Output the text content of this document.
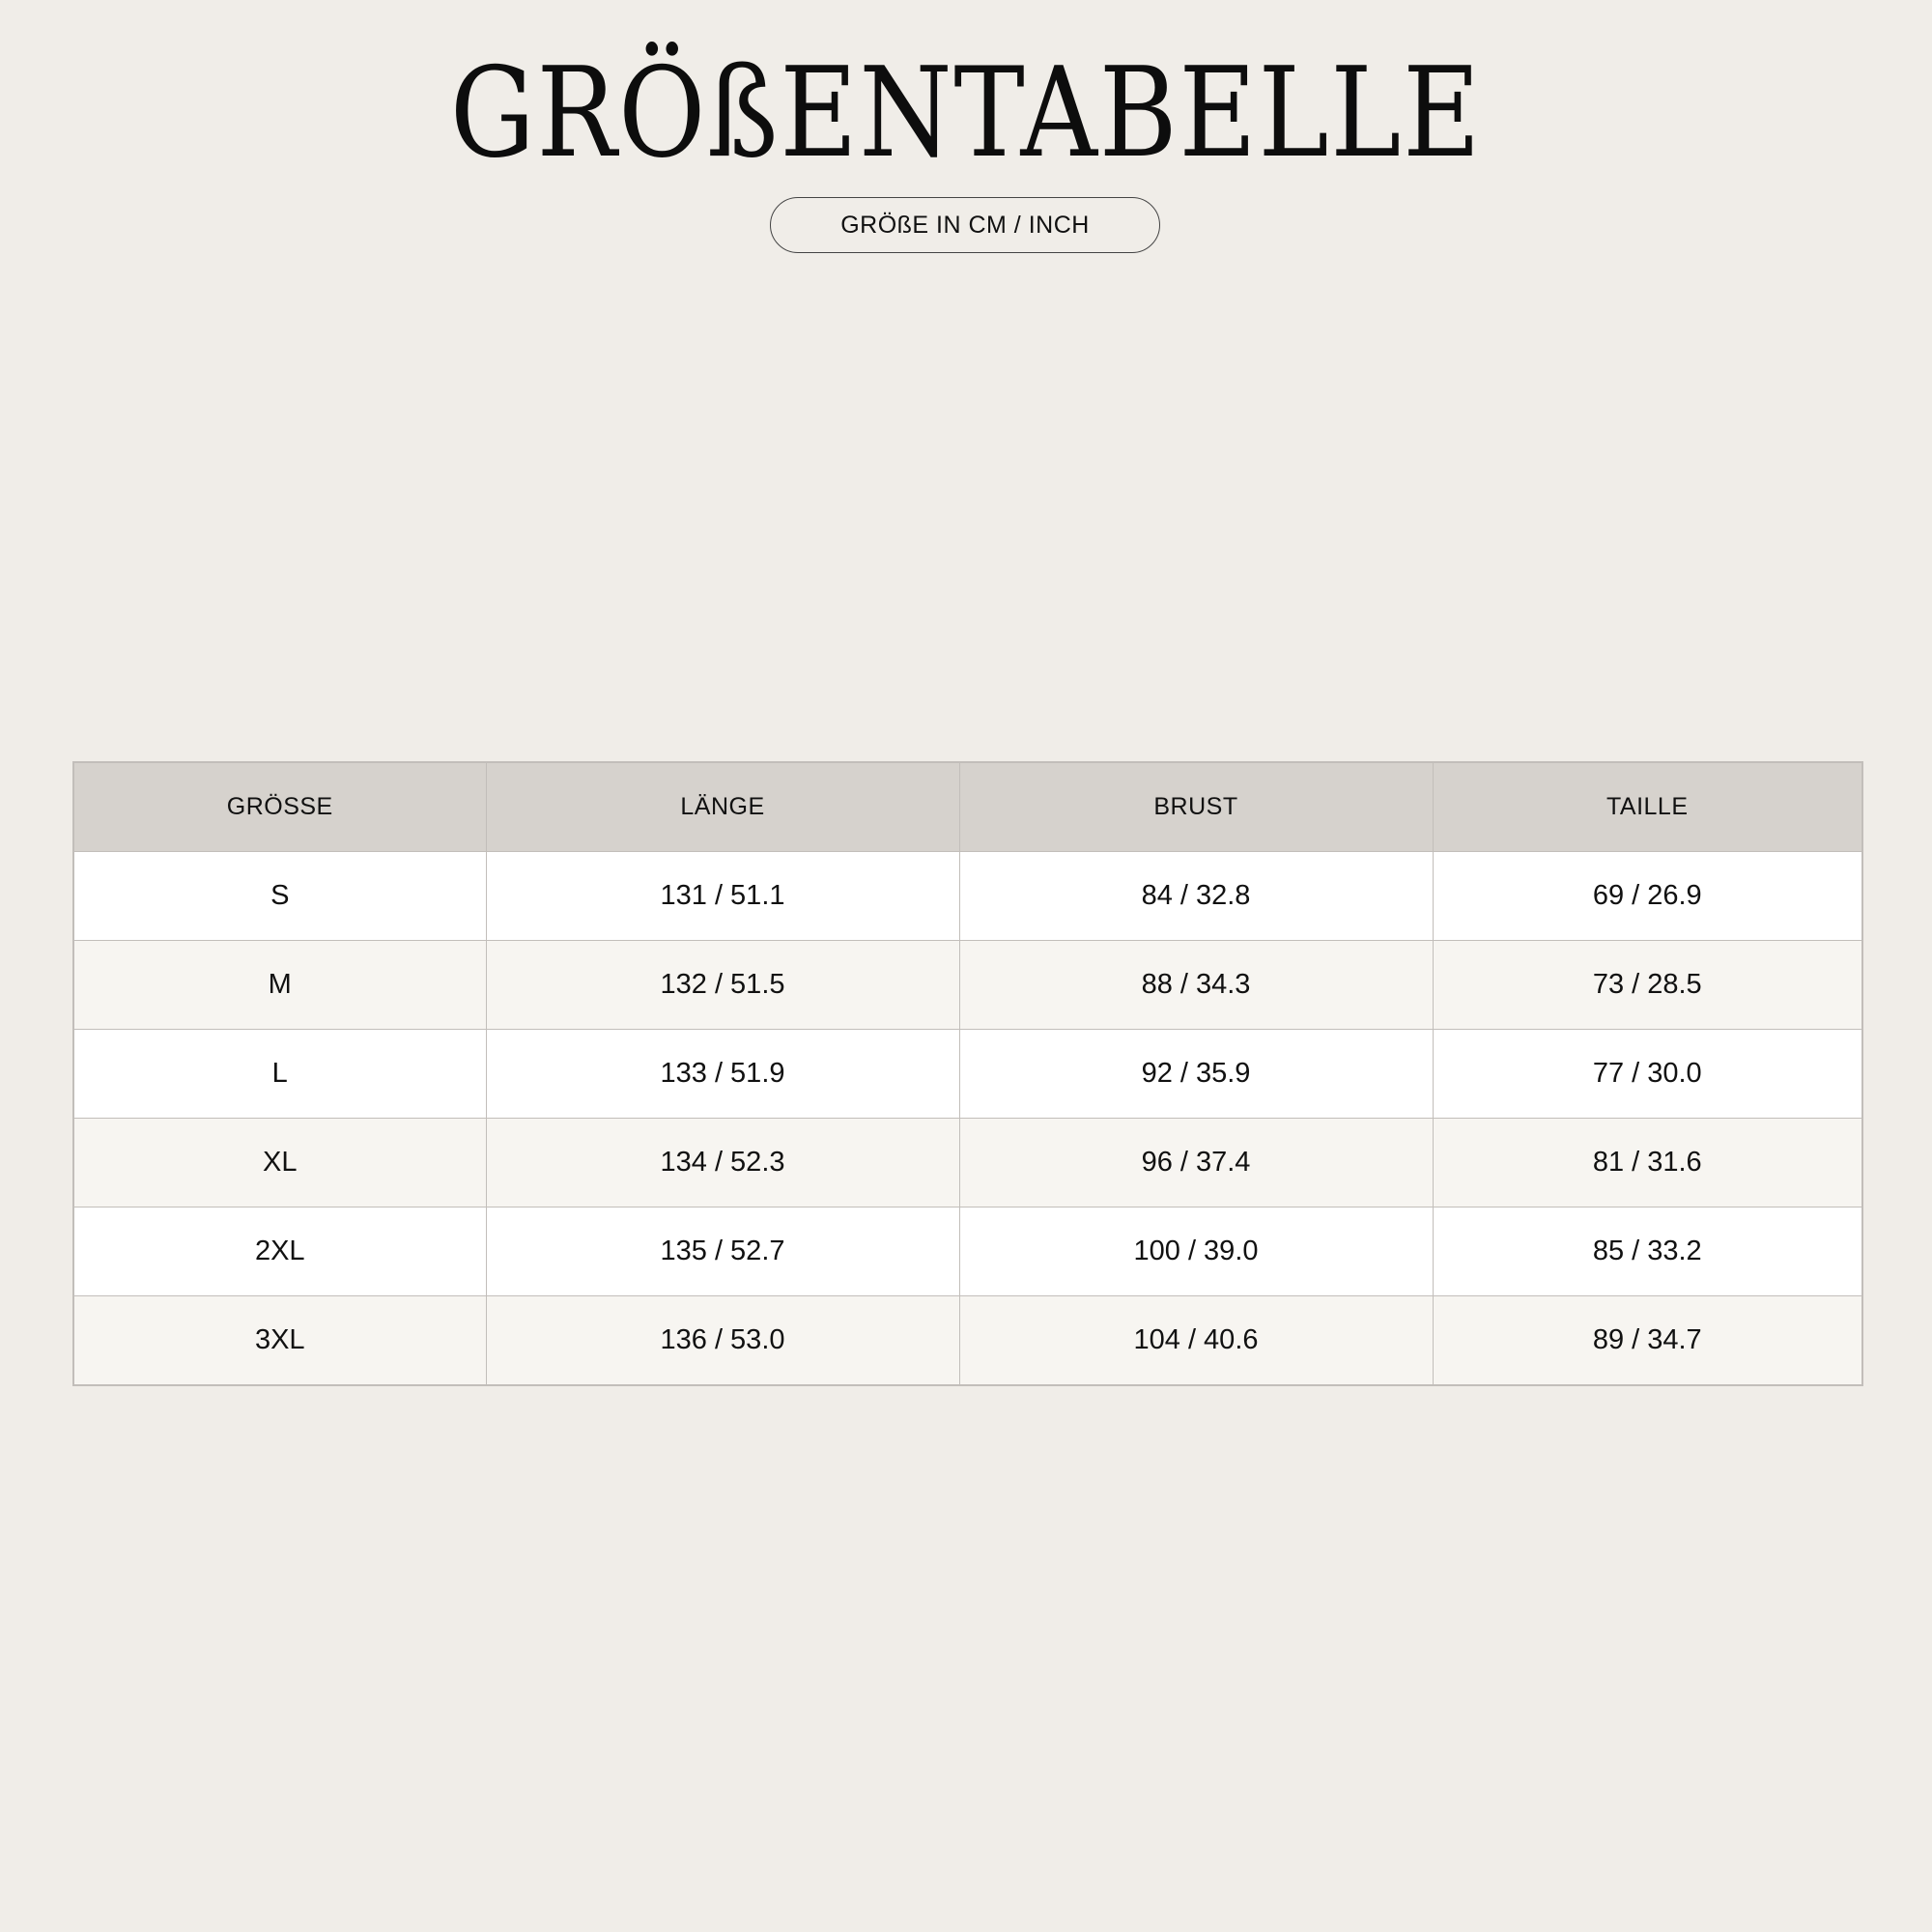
GRÖßENTABELLE
GRÖßE IN CM / INCH
GRÖSSE	LÄNGE	BRUST	TAILLE
S	131 / 51.1	84 / 32.8	69 / 26.9
M	132 / 51.5	88 / 34.3	73 / 28.5
L	133 / 51.9	92 / 35.9	77 / 30.0
XL	134 / 52.3	96 / 37.4	81 / 31.6
2XL	135 / 52.7	100 / 39.0	85 / 33.2
3XL	136 / 53.0	104 / 40.6	89 / 34.7
